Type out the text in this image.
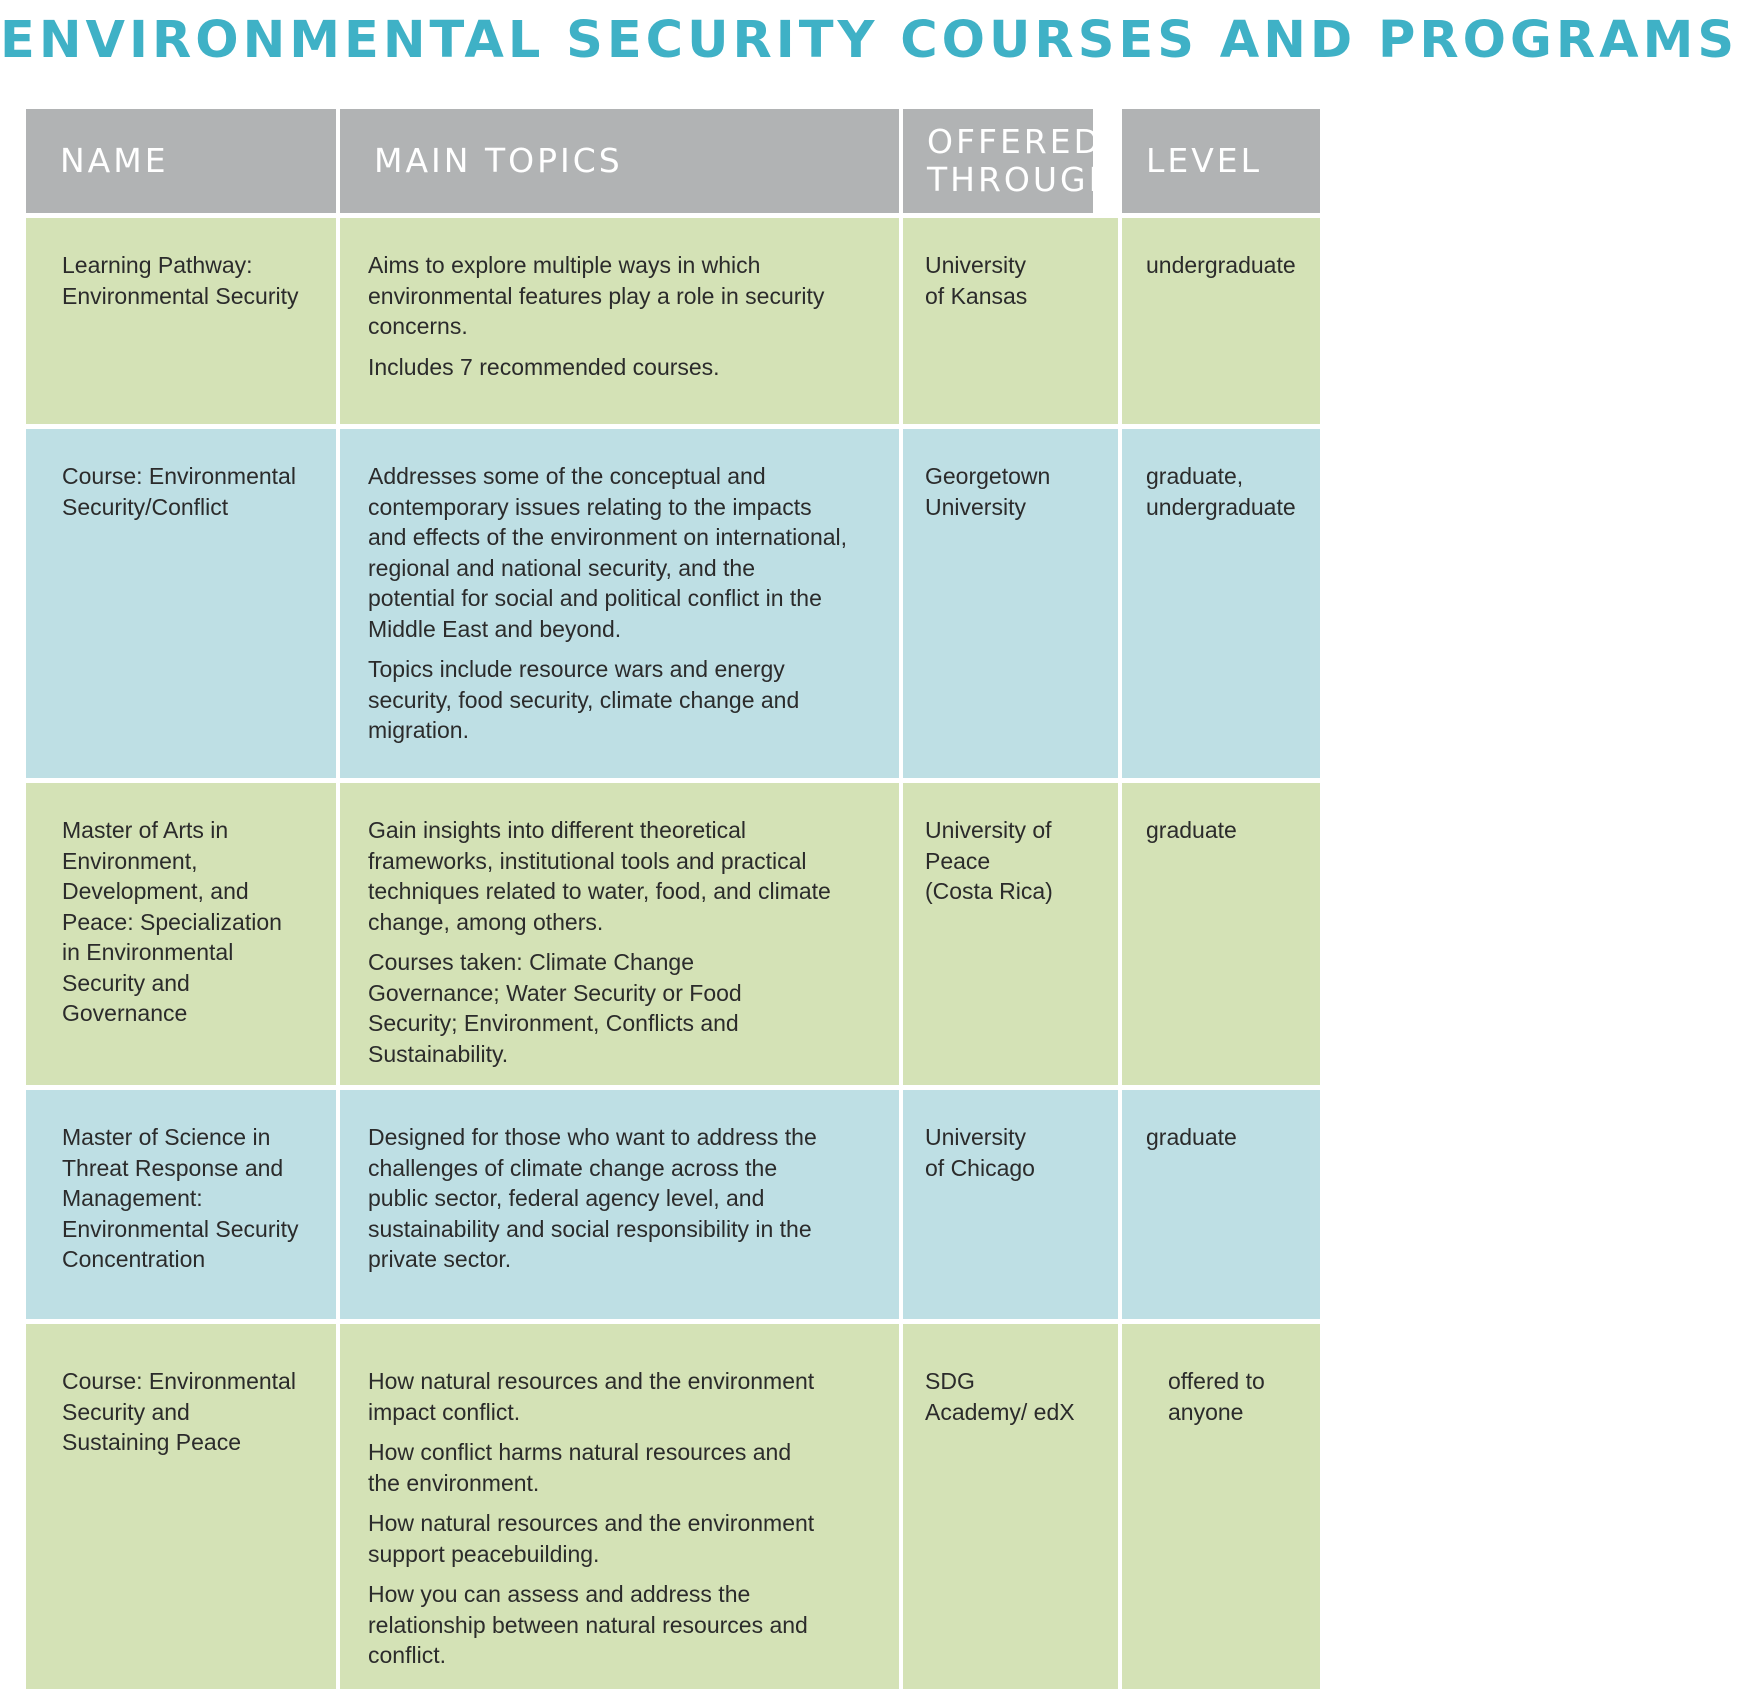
ENVIRONMENTAL SECURITY COURSES AND PROGRAMS
NAME	MAIN TOPICS	OFFERED THROUGH LEVEL
Learning Pathway: Environmental Security
Aims to explore multiple ways in which environmental features play a role in security concerns.
Includes 7 recommended courses.
University of Kansas
undergraduate
Course: Environmental Security/Conflict
Addresses some of the conceptual and contemporary issues relating to the impacts and effects of the environment on international, regional and national security, and the potential for social and political conflict in the Middle East and beyond.
Topics include resource wars and energy security, food security, climate change and migration.
Georgetown University
graduate, undergraduate
Master of Arts in Environment, Development, and Peace: Specialization in Environmental Security and Governance
Gain insights into different theoretical frameworks, institutional tools and practical techniques related to water, food, and climate change, among others.
Courses taken: Climate Change Governance; Water Security or Food Security; Environment, Conflicts and Sustainability.
University of Peace (Costa Rica)
graduate
Master of Science in Threat Response and Management: Environmental Security Concentration
Designed for those who want to address the challenges of climate change across the public sector, federal agency level, and sustainability and social responsibility in the private sector.
University of Chicago
graduate
Course: Environmental Security and Sustaining Peace
How natural resources and the environment impact conflict.
How conflict harms natural resources and the environment.
How natural resources and the environment support peacebuilding.
How you can assess and address the relationship between natural resources and conflict.
SDG Academy/ edX
offered to anyone
